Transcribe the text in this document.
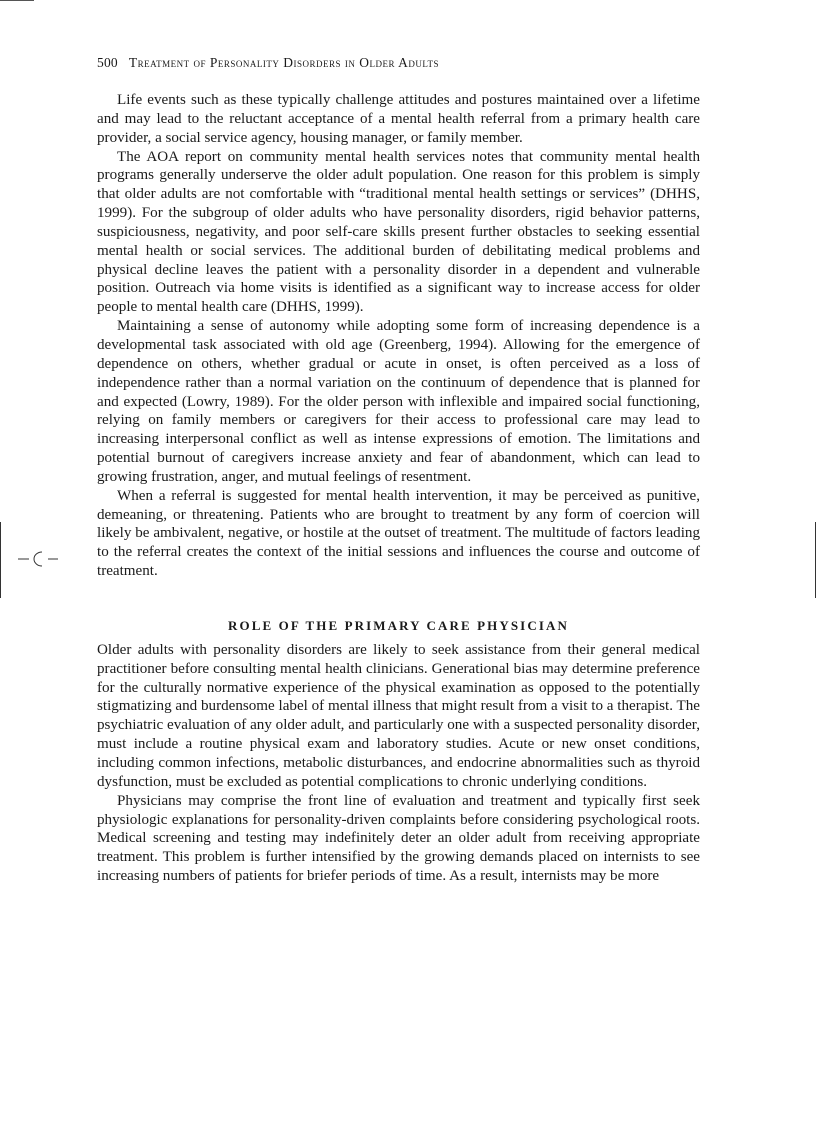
500 Treatment of Personality Disorders in Older Adults

Life events such as these typically challenge attitudes and postures maintained over a lifetime and may lead to the reluctant acceptance of a mental health referral from a primary health care provider, a social service agency, housing manager, or family member.

The AOA report on community mental health services notes that community mental health programs generally underserve the older adult population. One reason for this problem is simply that older adults are not comfortable with “traditional mental health settings or services” (DHHS, 1999). For the subgroup of older adults who have personality disorders, rigid behavior patterns, suspiciousness, negativity, and poor self-care skills present further obstacles to seeking essential mental health or social services. The additional burden of debilitating medical problems and physical decline leaves the patient with a personality disorder in a dependent and vulnerable position. Outreach via home visits is identified as a significant way to increase access for older people to mental health care (DHHS, 1999).

Maintaining a sense of autonomy while adopting some form of increasing dependence is a developmental task associated with old age (Greenberg, 1994). Allowing for the emergence of dependence on others, whether gradual or acute in onset, is often perceived as a loss of independence rather than a normal variation on the continuum of dependence that is planned for and expected (Lowry, 1989). For the older person with inflexible and impaired social functioning, relying on family members or caregivers for their access to professional care may lead to increasing interpersonal conflict as well as intense expressions of emotion. The limitations and potential burnout of caregivers increase anxiety and fear of abandonment, which can lead to growing frustration, anger, and mutual feelings of resentment.

When a referral is suggested for mental health intervention, it may be perceived as punitive, demeaning, or threatening. Patients who are brought to treatment by any form of coercion will likely be ambivalent, negative, or hostile at the outset of treatment. The multitude of factors leading to the referral creates the context of the initial sessions and influences the course and outcome of treatment.

ROLE OF THE PRIMARY CARE PHYSICIAN

Older adults with personality disorders are likely to seek assistance from their general medical practitioner before consulting mental health clinicians. Generational bias may determine preference for the culturally normative experience of the physical examination as opposed to the potentially stigmatizing and burdensome label of mental illness that might result from a visit to a therapist. The psychiatric evaluation of any older adult, and particularly one with a suspected personality disorder, must include a routine physical exam and laboratory studies. Acute or new onset conditions, including common infections, metabolic disturbances, and endocrine abnormalities such as thyroid dysfunction, must be excluded as potential complications to chronic underlying conditions.

Physicians may comprise the front line of evaluation and treatment and typically first seek physiologic explanations for personality-driven complaints before considering psychological roots. Medical screening and testing may indefinitely deter an older adult from receiving appropriate treatment. This problem is further intensified by the growing demands placed on internists to see increasing numbers of patients for briefer periods of time. As a result, internists may be more
